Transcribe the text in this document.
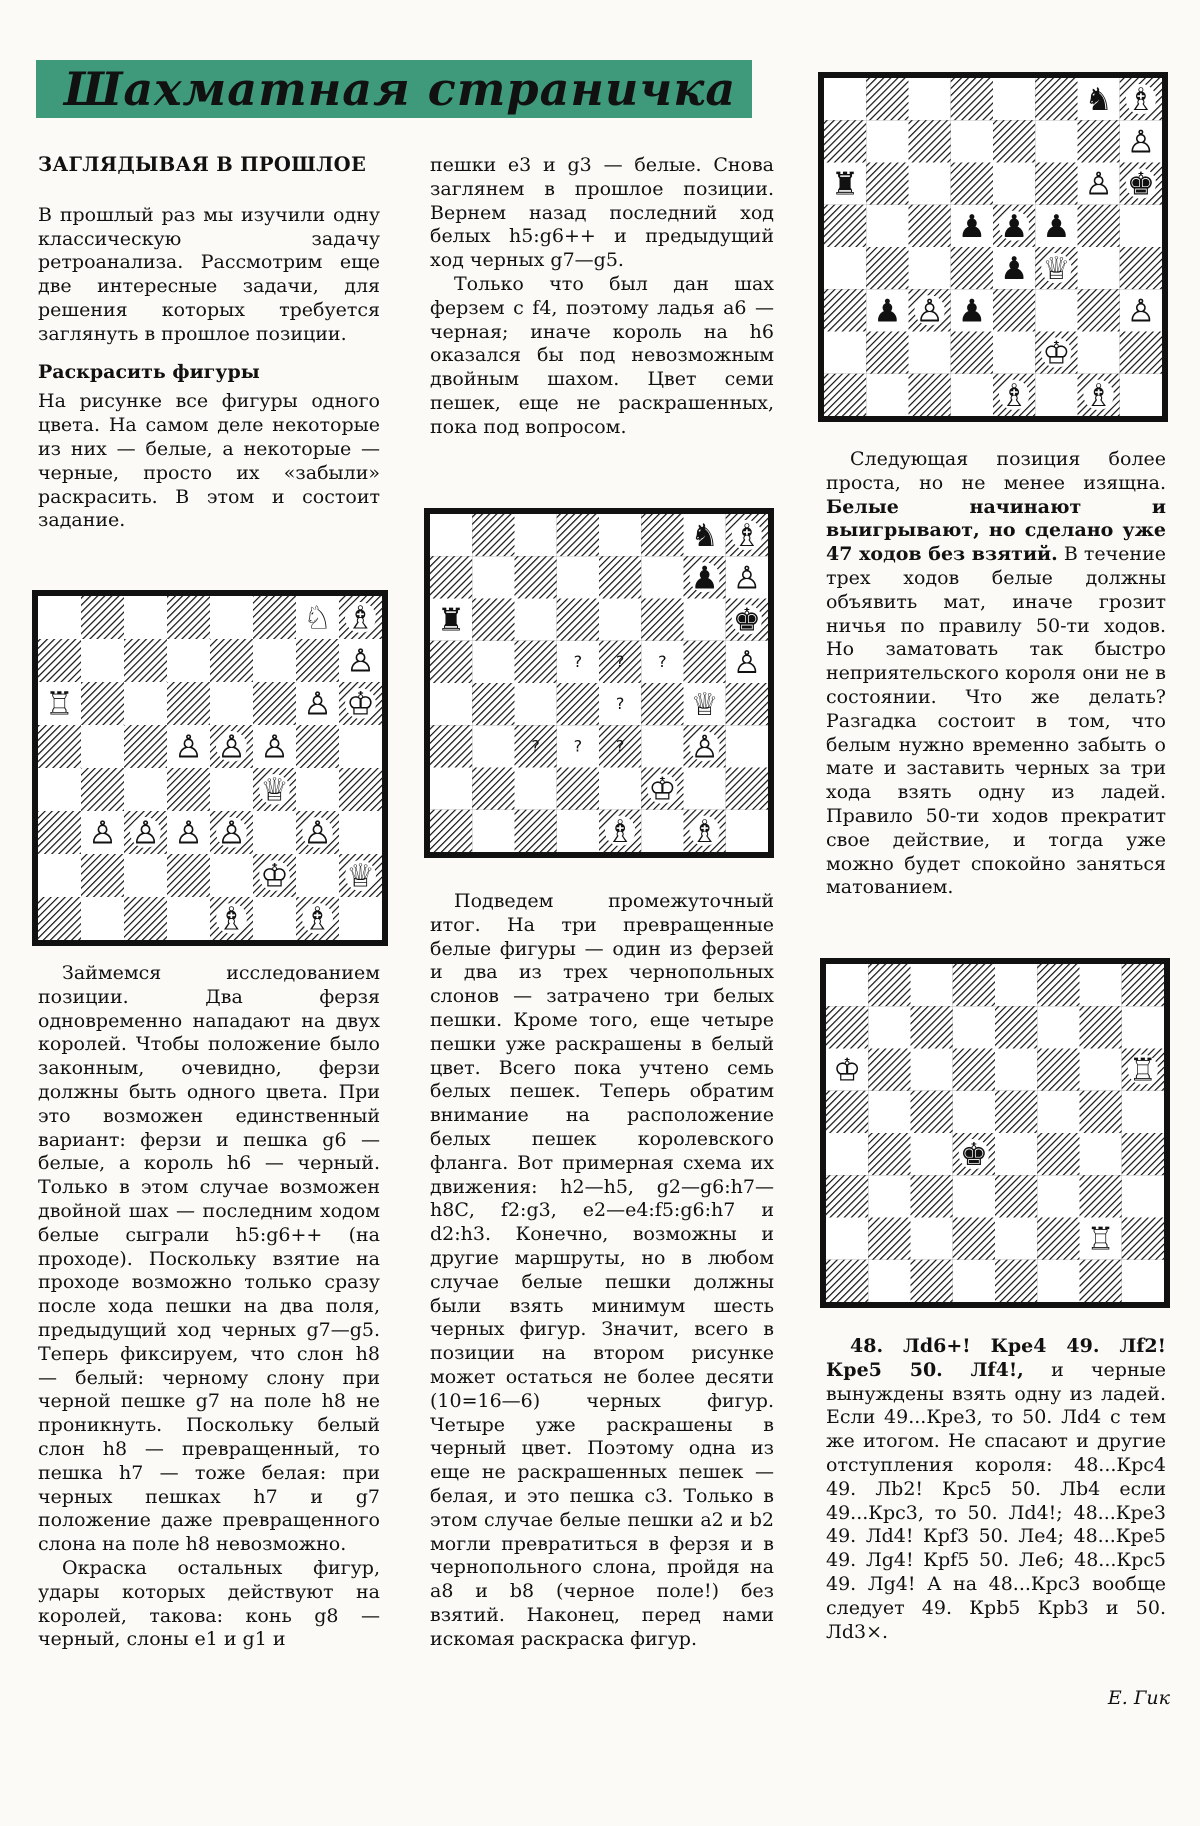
Шахматная страничка

ЗАГЛЯДЫВАЯ В ПРОШЛОЕ

В прошлый раз мы изучили одну классическую задачу ретроанализа. Рассмотрим еще две интересные задачи, для решения которых требуется заглянуть в прошлое позиции.

Раскрасить фигуры

На рисунке все фигуры одного цвета. На самом деле некоторые из них — белые, а некоторые — черные, просто их «забыли» раскрасить. В этом и состоит задание.

♘ ♗
♙
♖	♙ ♔
♙ ♙ ♙
♕
♙ ♙ ♙ ♙ ♙
♔ ♕
♗ ♗

Займемся исследованием позиции. Два ферзя одновременно нападают на двух королей. Чтобы положение было законным, очевидно, ферзи должны быть одного цвета. При это возможен единственный вариант: ферзи и пешка g6 — белые, а король h6 — черный. Только в этом случае возможен двойной шах — последним ходом белые сыграли h5:g6++ (на проходе). Поскольку взятие на проходе возможно только сразу после хода пешки на два поля, предыдущий ход черных g7—g5. Теперь фиксируем, что слон h8 — белый: черному слону при черной пешке g7 на поле h8 не проникнуть. Поскольку белый слон h8 — превращенный, то пешка h7 — тоже белая: при черных пешках h7 и g7 положение даже превращенного слона на поле h8 невозможно.

Окраска остальных фигур, удары которых действуют на королей, такова: конь g8 — черный, слоны e1 и g1 и

пешки e3 и g3 — белые. Снова заглянем в прошлое позиции. Вернем назад последний ход белых h5:g6++ и предыдущий ход черных g7—g5.

Только что был дан шах ферзем с f4, поэтому ладья a6 — черная; иначе король на h6 оказался бы под невозможным двойным шахом. Цвет семи пешек, еще не раскрашенных, пока под вопросом.

♞ ♗
♟ ♙
♜	♚
? ? ? ♙
? ♕
? ? ? ♙
♔
♗ ♗
♞ ♗
♙
♜	♙ ♚
♟ ♟ ♟
♟ ♕
♟ ♙ ♟	♙
♔
♗ ♗

Подведем промежуточный итог. На три превращенные белые фигуры — один из ферзей и два из трех чернопольных слонов — затрачено три белых пешки. Кроме того, еще четыре пешки уже раскрашены в белый цвет. Всего пока учтено семь белых пешек. Теперь обратим внимание на расположение белых пешек королевского фланга. Вот примерная схема их движения: h2—h5, g2—g6:h7—h8С, f2:g3, e2—e4:f5:g6:h7 и d2:h3. Конечно, возможны и другие маршруты, но в любом случае белые пешки должны были взять минимум шесть черных фигур. Значит, всего в позиции на втором рисунке может остаться не более десяти (10=16—6) черных фигур. Четыре уже раскрашены в черный цвет. Поэтому одна из еще не раскрашенных пешек — белая, и это пешка c3. Только в этом случае белые пешки a2 и b2 могли превратиться в ферзя и в чернопольного слона, пройдя на a8 и b8 (черное поле!) без взятий. Наконец, перед нами искомая раскраска фигур.

Следующая позиция более проста, но не менее изящна. Белые начинают и выигрывают, но сделано уже 47 ходов без взятий. В течение трех ходов белые должны объявить мат, иначе грозит ничья по правилу 50-ти ходов. Но заматовать так быстро неприятельского короля они не в состоянии. Что же делать? Разгадка состоит в том, что белым нужно временно забыть о мате и заставить черных за три хода взять одну из ладей. Правило 50-ти ходов прекратит свое действие, и тогда уже можно будет спокойно заняться матованием.

♔	♖
♚
♖

48. Лd6+! Кpe4 49. Лf2! Кpe5 50. Лf4!, и черные вынуждены взять одну из ладей. Если 49...Кpe3, то 50. Лd4 с тем же итогом. Не спасают и другие отступления короля: 48...Кpc4 49. Лb2! Кpc5 50. Лb4 если 49...Кpc3, то 50. Лd4!; 48...Кpe3 49. Лd4! Кpf3 50. Лe4; 48...Кpe5 49. Лg4! Кpf5 50. Лe6; 48...Кpc5 49. Лg4! А на 48...Кpc3 вообще следует 49. Кpb5 Кpb3 и 50. Лd3×.

Е. Гик
